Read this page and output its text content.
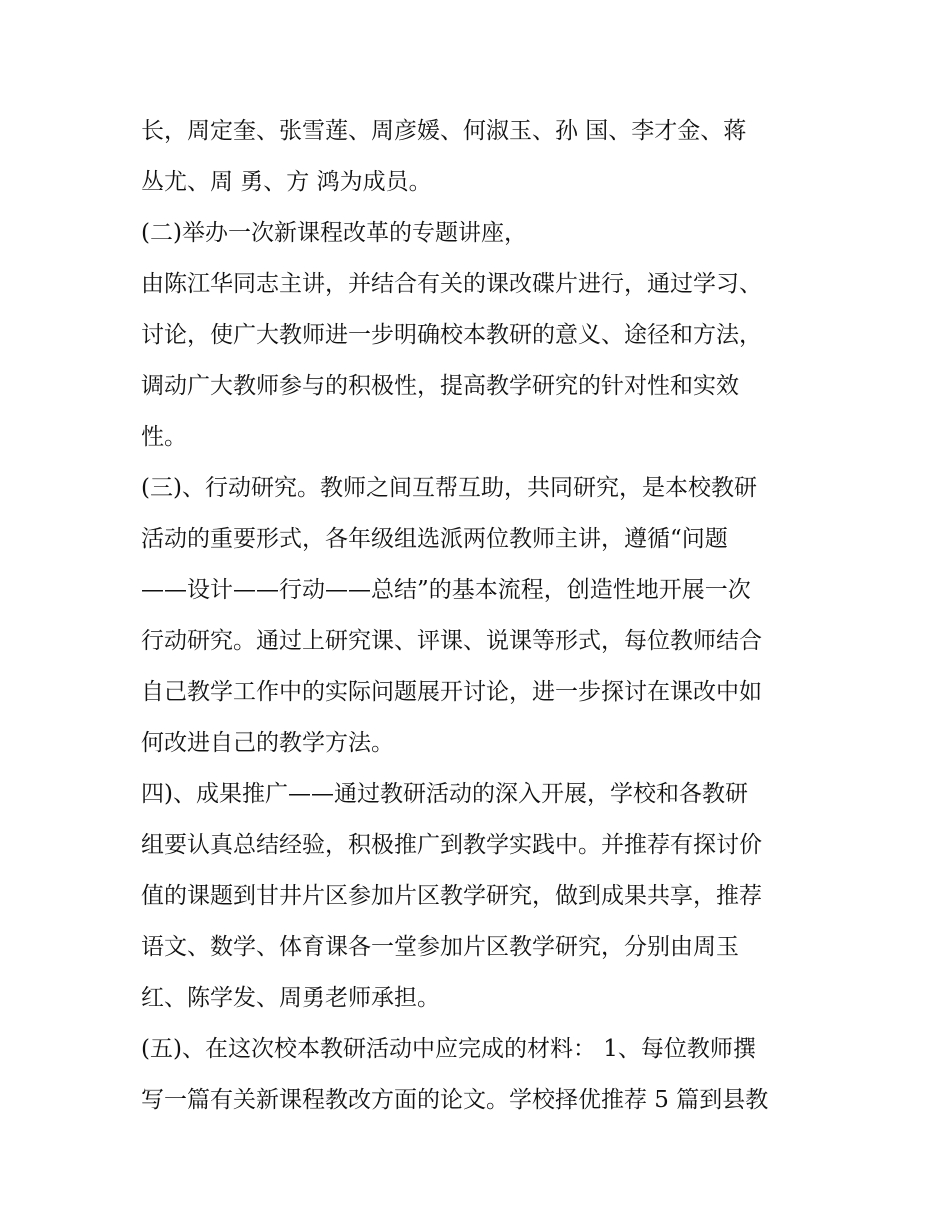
长，周定奎、张雪莲、周彦媛、何淑玉、孙 国、李才金、蒋
丛尤、周 勇、方 鸿为成员。
(二)举办一次新课程改革的专题讲座，
由陈江华同志主讲，并结合有关的课改碟片进行，通过学习、
讨论，使广大教师进一步明确校本教研的意义、途径和方法，
调动广大教师参与的积极性，提高教学研究的针对性和实效
性。
(三)、行动研究。教师之间互帮互助，共同研究，是本校教研
活动的重要形式，各年级组选派两位教师主讲，遵循“问题
——设计——行动——总结”的基本流程，创造性地开展一次
行动研究。通过上研究课、评课、说课等形式，每位教师结合
自己教学工作中的实际问题展开讨论，进一步探讨在课改中如
何改进自己的教学方法。
四)、成果推广——通过教研活动的深入开展，学校和各教研
组要认真总结经验，积极推广到教学实践中。并推荐有探讨价
值的课题到甘井片区参加片区教学研究，做到成果共享，推荐
语文、数学、体育课各一堂参加片区教学研究，分别由周玉
红、陈学发、周勇老师承担。
(五)、在这次校本教研活动中应完成的材料： 1、每位教师撰
写一篇有关新课程教改方面的论文。学校择优推荐 5 篇到县教
